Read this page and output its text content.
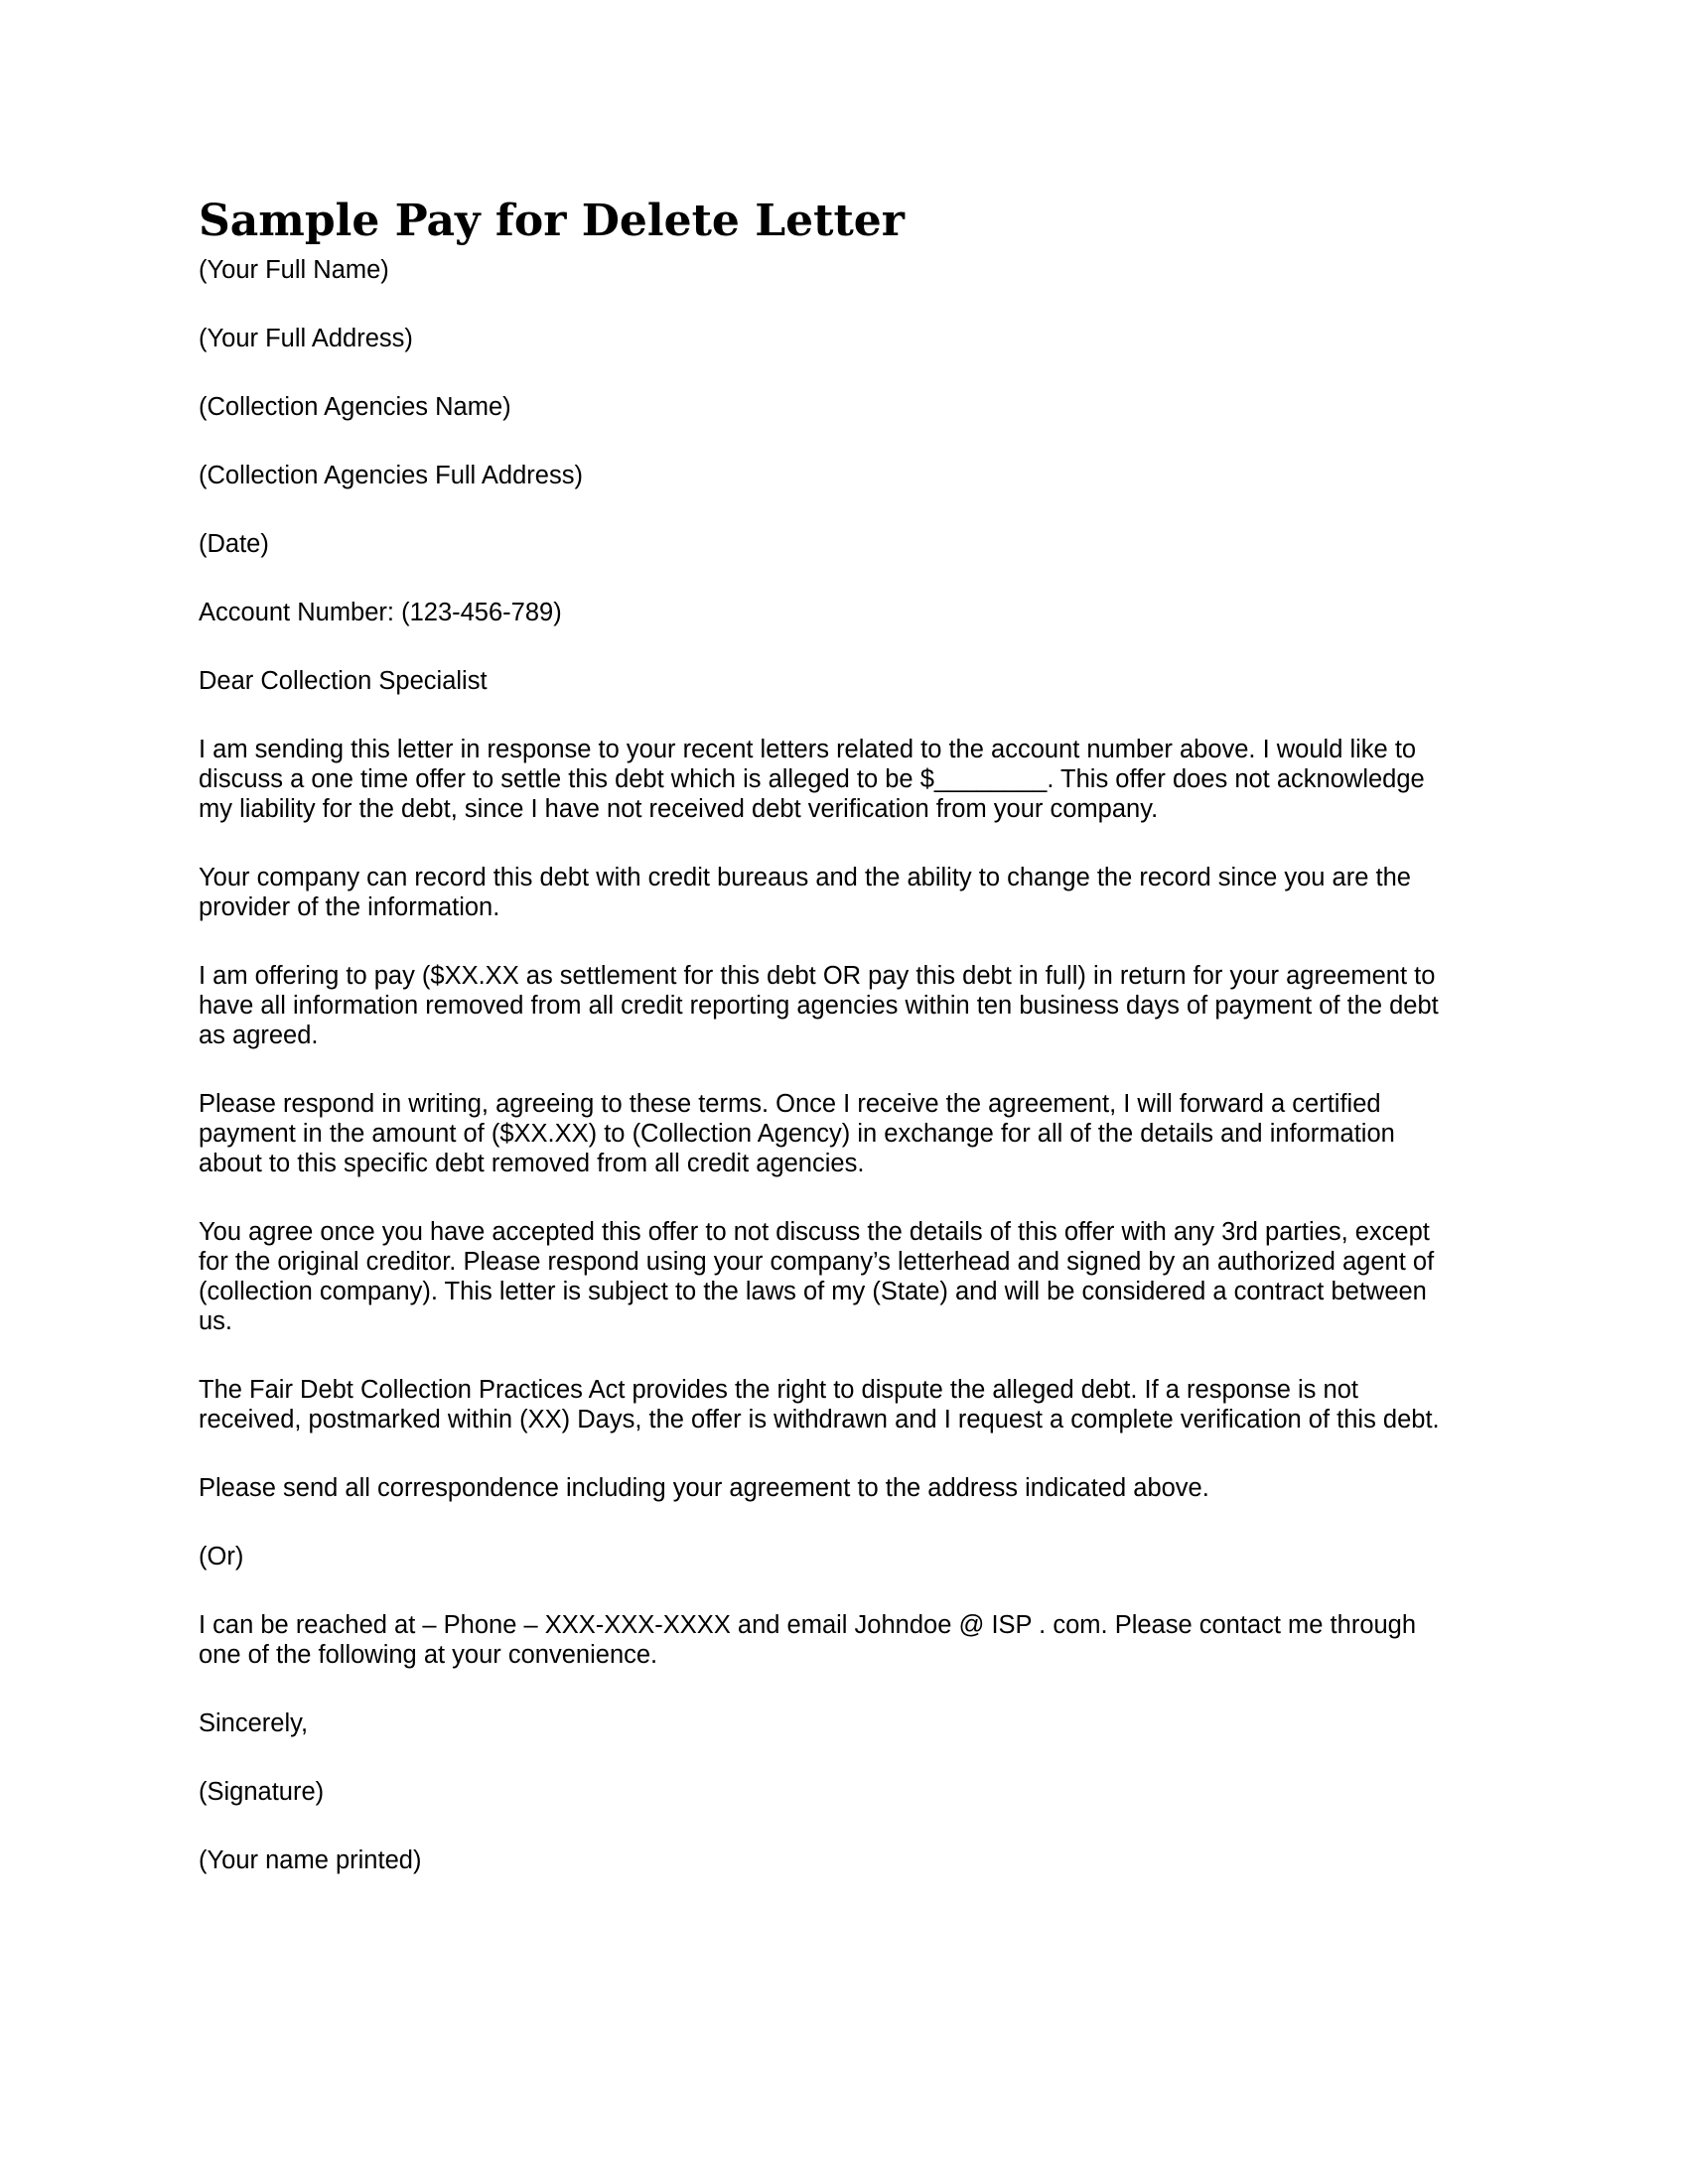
Sample Pay for Delete Letter

(Your Full Name)

(Your Full Address)

(Collection Agencies Name)

(Collection Agencies Full Address)

(Date)

Account Number: (123-456-789)

Dear Collection Specialist

I am sending this letter in response to your recent letters related to the account number above. I would like to
discuss a one time offer to settle this debt which is alleged to be $________. This offer does not acknowledge
my liability for the debt, since I have not received debt verification from your company.
Your company can record this debt with credit bureaus and the ability to change the record since you are the
provider of the information.
I am offering to pay ($XX.XX as settlement for this debt OR pay this debt in full) in return for your agreement to
have all information removed from all credit reporting agencies within ten business days of payment of the debt
as agreed.
Please respond in writing, agreeing to these terms. Once I receive the agreement, I will forward a certified
payment in the amount of ($XX.XX) to (Collection Agency) in exchange for all of the details and information
about to this specific debt removed from all credit agencies.
You agree once you have accepted this offer to not discuss the details of this offer with any 3rd parties, except
for the original creditor. Please respond using your company’s letterhead and signed by an authorized agent of
(collection company). This letter is subject to the laws of my (State) and will be considered a contract between
us.
The Fair Debt Collection Practices Act provides the right to dispute the alleged debt. If a response is not
received, postmarked within (XX) Days, the offer is withdrawn and I request a complete verification of this debt.
Please send all correspondence including your agreement to the address indicated above.
(Or)
I can be reached at – Phone – XXX-XXX-XXXX and email Johndoe @ ISP . com. Please contact me through
one of the following at your convenience.

Sincerely,

(Signature)

(Your name printed)
